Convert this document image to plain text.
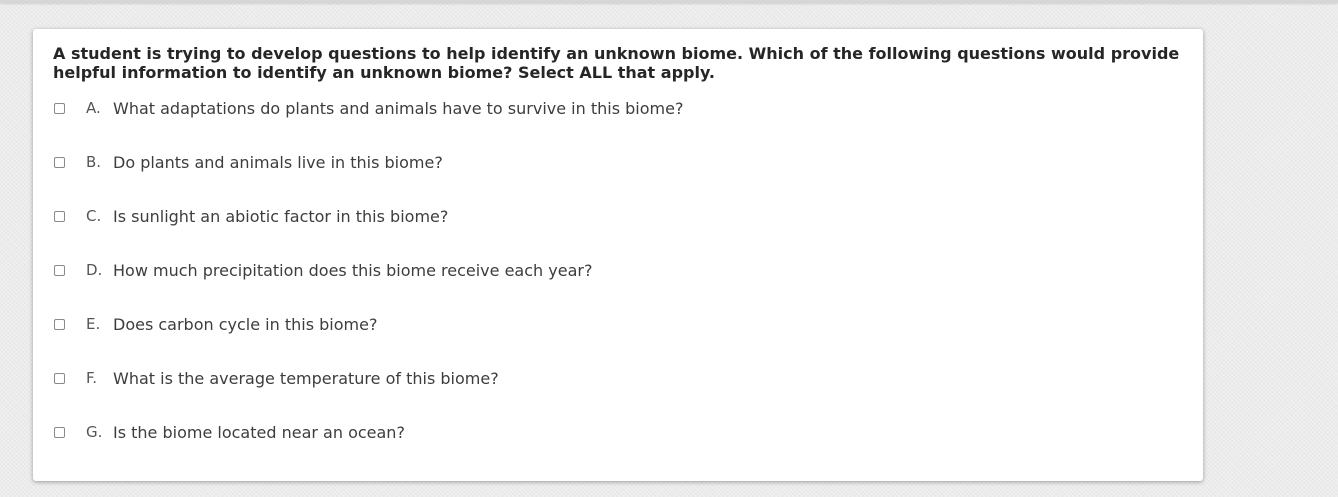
A student is trying to develop questions to help identify an unknown biome. Which of the following questions would provide helpful information to identify an unknown biome? Select ALL that apply.

A. What adaptations do plants and animals have to survive in this biome?
B. Do plants and animals live in this biome?
C. Is sunlight an abiotic factor in this biome?
D. How much precipitation does this biome receive each year?
E. Does carbon cycle in this biome?
F.	What is the average temperature of this biome?
G. Is the biome located near an ocean?
